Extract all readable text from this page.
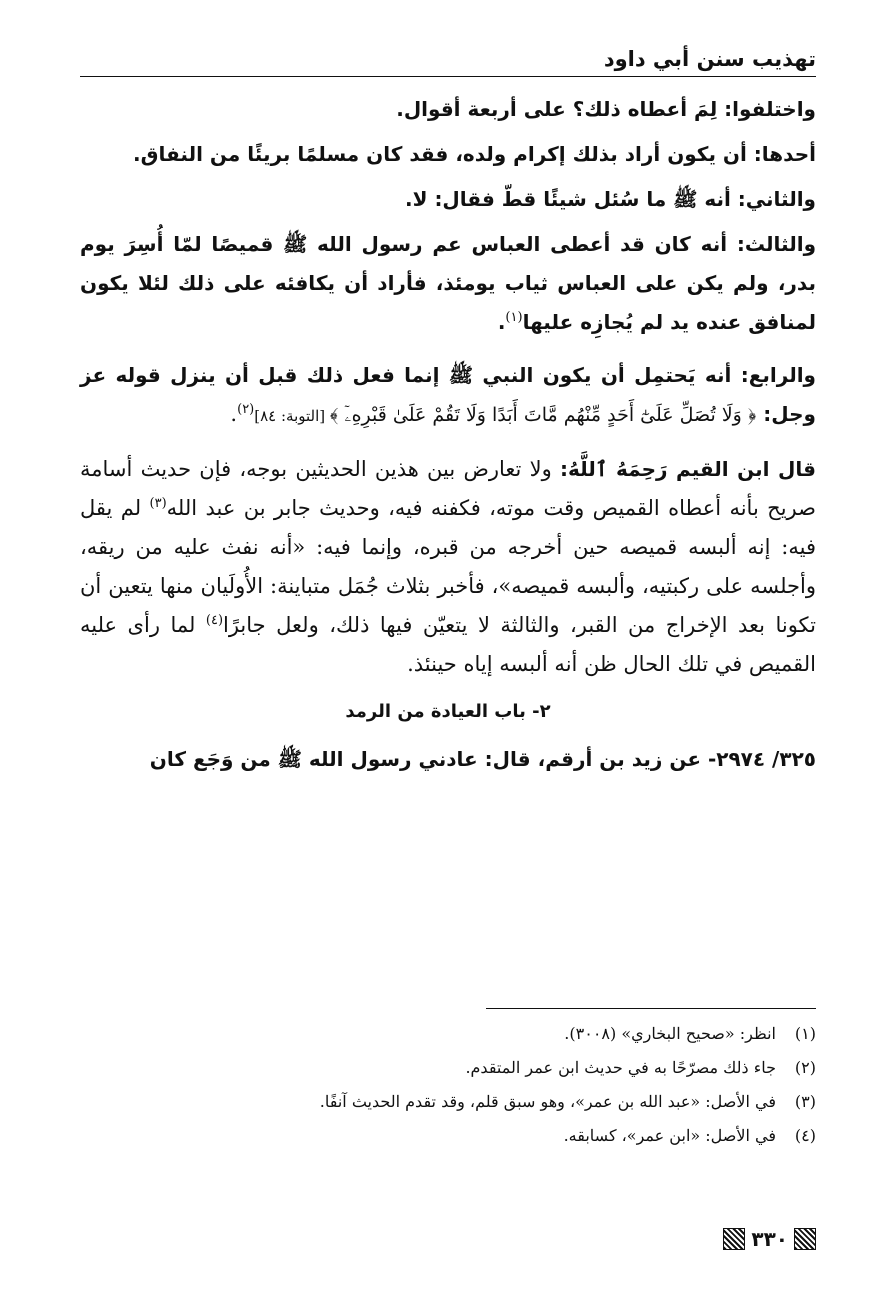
تهذيب سنن أبي داود

واختلفوا: لِمَ أعطاه ذلك؟ على أربعة أقوال.

أحدها: أن يكون أراد بذلك إكرام ولده، فقد كان مسلمًا بريئًا من النفاق.

والثاني: أنه ﷺ ما سُئل شيئًا قطّ فقال: لا.

والثالث: أنه كان قد أعطى العباس عم رسول الله ﷺ قميصًا لمّا أُسِرَ يوم بدر، ولم يكن على العباس ثياب يومئذ، فأراد أن يكافئه على ذلك لئلا يكون لمنافق عنده يد لم يُجازِه عليها$^{(١)}$.

والرابع: أنه يَحتمِل أن يكون النبي ﷺ إنما فعل ذلك قبل أن ينزل قوله عز وجل: ﴿ وَلَا تُصَلِّ عَلَىٰٓ أَحَدٍ مِّنْهُم مَّاتَ أَبَدًا وَلَا تَقُمْ عَلَىٰ قَبْرِهِۦٓ ﴾ [التوبة: ٨٤]$^{(٢)}$.

قال ابن القيم رَحِمَهُ ٱللَّهُ: ولا تعارض بين هذين الحديثين بوجه، فإن حديث أسامة صريح بأنه أعطاه القميص وقت موته، فكفنه فيه، وحديث جابر بن عبد الله$^{(٣)}$ لم يقل فيه: إنه ألبسه قميصه حين أخرجه من قبره، وإنما فيه: «أنه نفث عليه من ريقه، وأجلسه على ركبتيه، وألبسه قميصه»، فأخبر بثلاث جُمَل متباينة: الأُولَيان منها يتعين أن تكونا بعد الإخراج من القبر، والثالثة لا يتعيّن فيها ذلك، ولعل جابرًا$^{(٤)}$ لما رأى عليه القميص في تلك الحال ظن أنه ألبسه إياه حينئذ.

٢- باب العيادة من الرمد

٣٢٥/ ٢٩٧٤- عن زيد بن أرقم، قال: عادني رسول الله ﷺ من وَجَع كان

(١)انظر: «صحيح البخاري» (٣٠٠٨).

(٢)جاء ذلك مصرّحًا به في حديث ابن عمر المتقدم.

(٣)في الأصل: «عبد الله بن عمر»، وهو سبق قلم، وقد تقدم الحديث آنفًا.

(٤)في الأصل: «ابن عمر»، كسابقه.

٣٣٠
